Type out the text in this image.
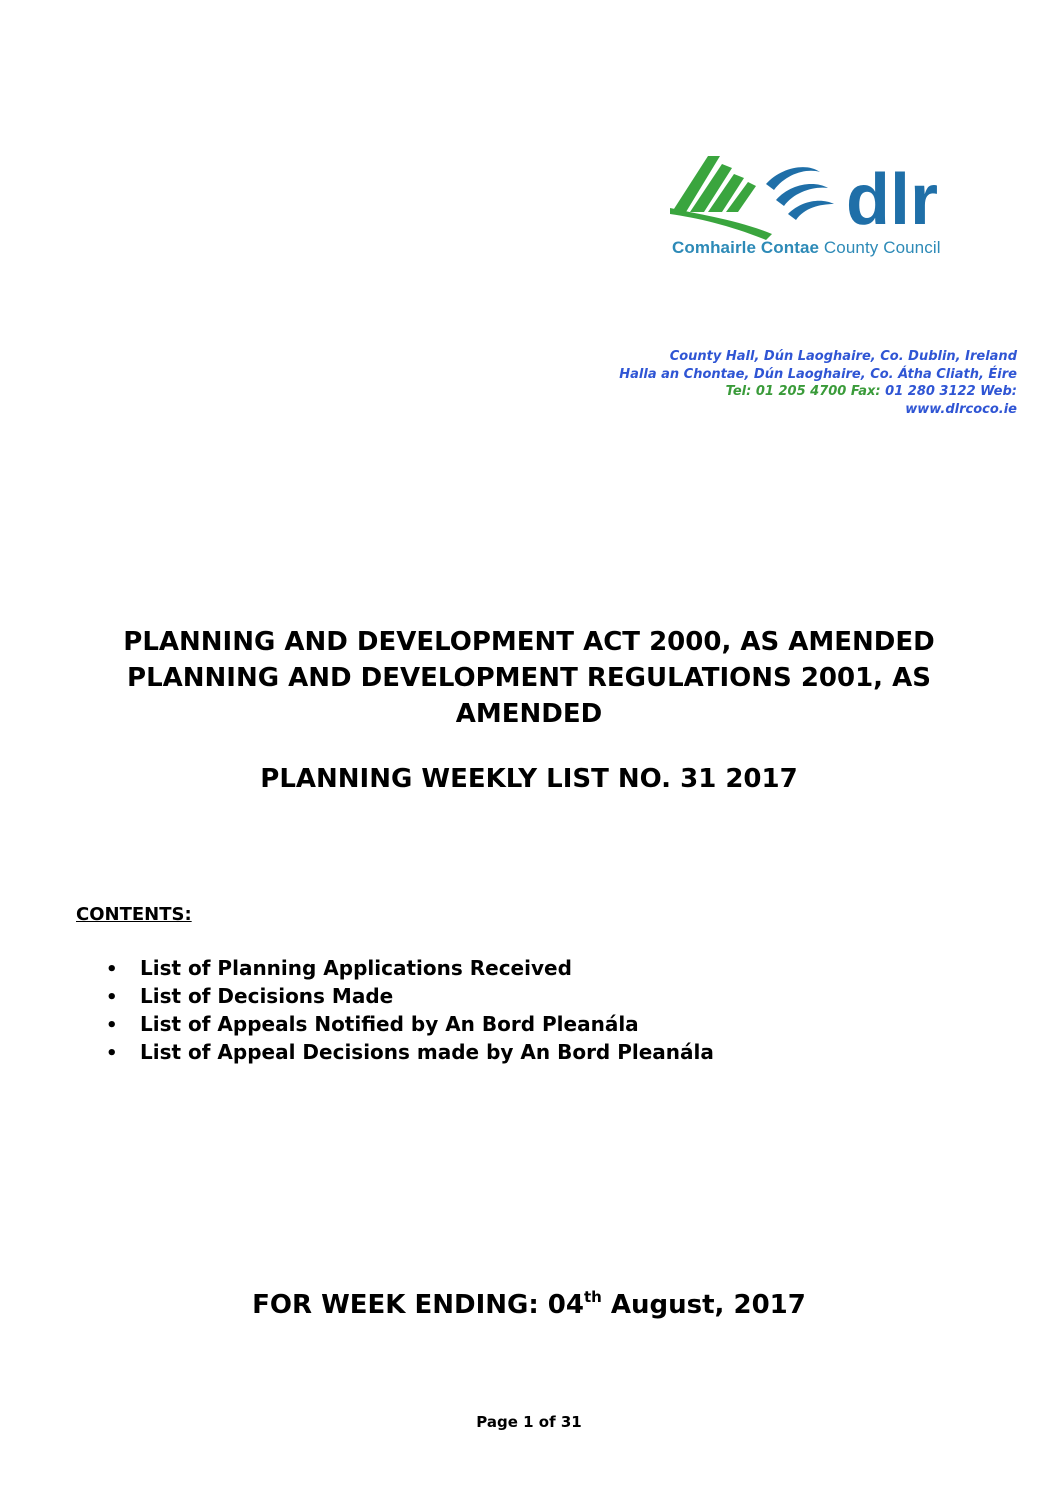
dlr
Comhairle Contae County Council
County Hall, Dún Laoghaire, Co. Dublin, Ireland
Halla an Chontae, Dún Laoghaire, Co. Átha Cliath, Éire
Tel: 01 205 4700 Fax: 01 280 3122 Web:
www.dlrcoco.ie
PLANNING AND DEVELOPMENT ACT 2000, AS AMENDED
PLANNING AND DEVELOPMENT REGULATIONS 2001, AS
AMENDED
PLANNING WEEKLY LIST NO. 31 2017
CONTENTS:
• List of Planning Applications Received
• List of Decisions Made
• List of Appeals Notified by An Bord Pleanála
• List of Appeal Decisions made by An Bord Pleanála
FOR WEEK ENDING: 04th August, 2017
Page 1 of 31
